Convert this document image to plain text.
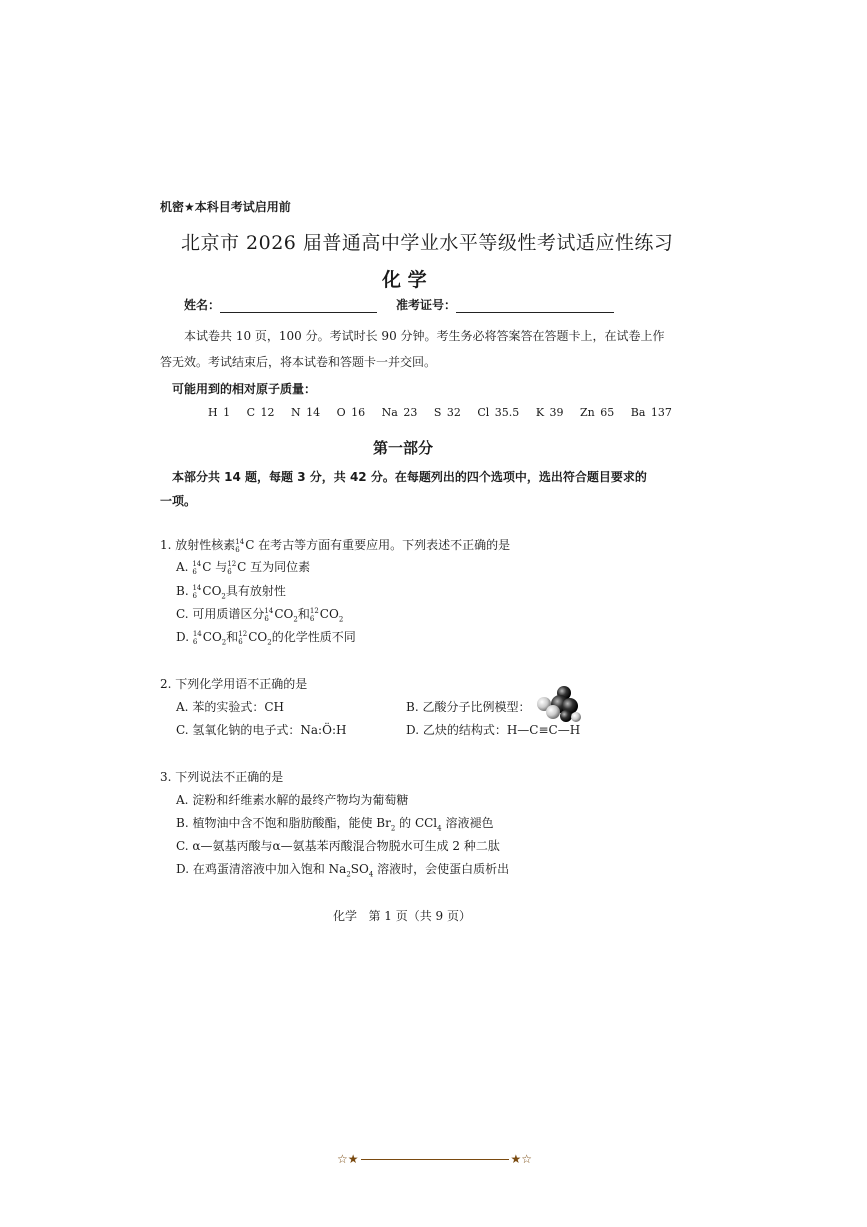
机密★本科目考试启用前
北京市 2026 届普通高中学业水平等级性考试适应性练习
化 学
姓名：	准考证号：
本试卷共 10 页，100 分。考试时长 90 分钟。考生务必将答案答在答题卡上，在试卷上作
答无效。考试结束后，将本试卷和答题卡一并交回。
可能用到的相对原子质量：
H 1 C 12 N 14 O 16 Na 23 S 32 Cl 35.5 K 39 Zn 65 Ba 137
第一部分
本部分共 14 题，每题 3 分，共 42 分。在每题列出的四个选项中，选出符合题目要求的
一项。
1. 放射性核素 14
6 C 在考古等方面有重要应用。下列表述不正确的是
A. 14
6 C 与 12
6 C 互为同位素
B. 14
6 $CO_2$具有放射性
C. 可用质谱区分 14
6 $CO_2$和 12
6 $CO_2$
D. 14
6 $CO_2$和 12
6 $CO_2$的化学性质不同
2. 下列化学用语不正确的是
A. 苯的实验式：CH	B. 乙酸分子比例模型：
C. 氢氧化钠的电子式：Na:Ö:H	D. 乙炔的结构式：H—C≡C—H
3. 下列说法不正确的是
A. 淀粉和纤维素水解的最终产物均为葡萄糖
B. 植物油中含不饱和脂肪酸酯，能使 $Br_2$ 的 CCl$_4$ 溶液褪色
C. α—氨基丙酸与α—氨基苯丙酸混合物脱水可生成 2 种二肽
D. 在鸡蛋清溶液中加入饱和 $Na_2SO_4$ 溶液时，会使蛋白质析出
化学   第 1 页（共 9 页）
☆★	★☆
